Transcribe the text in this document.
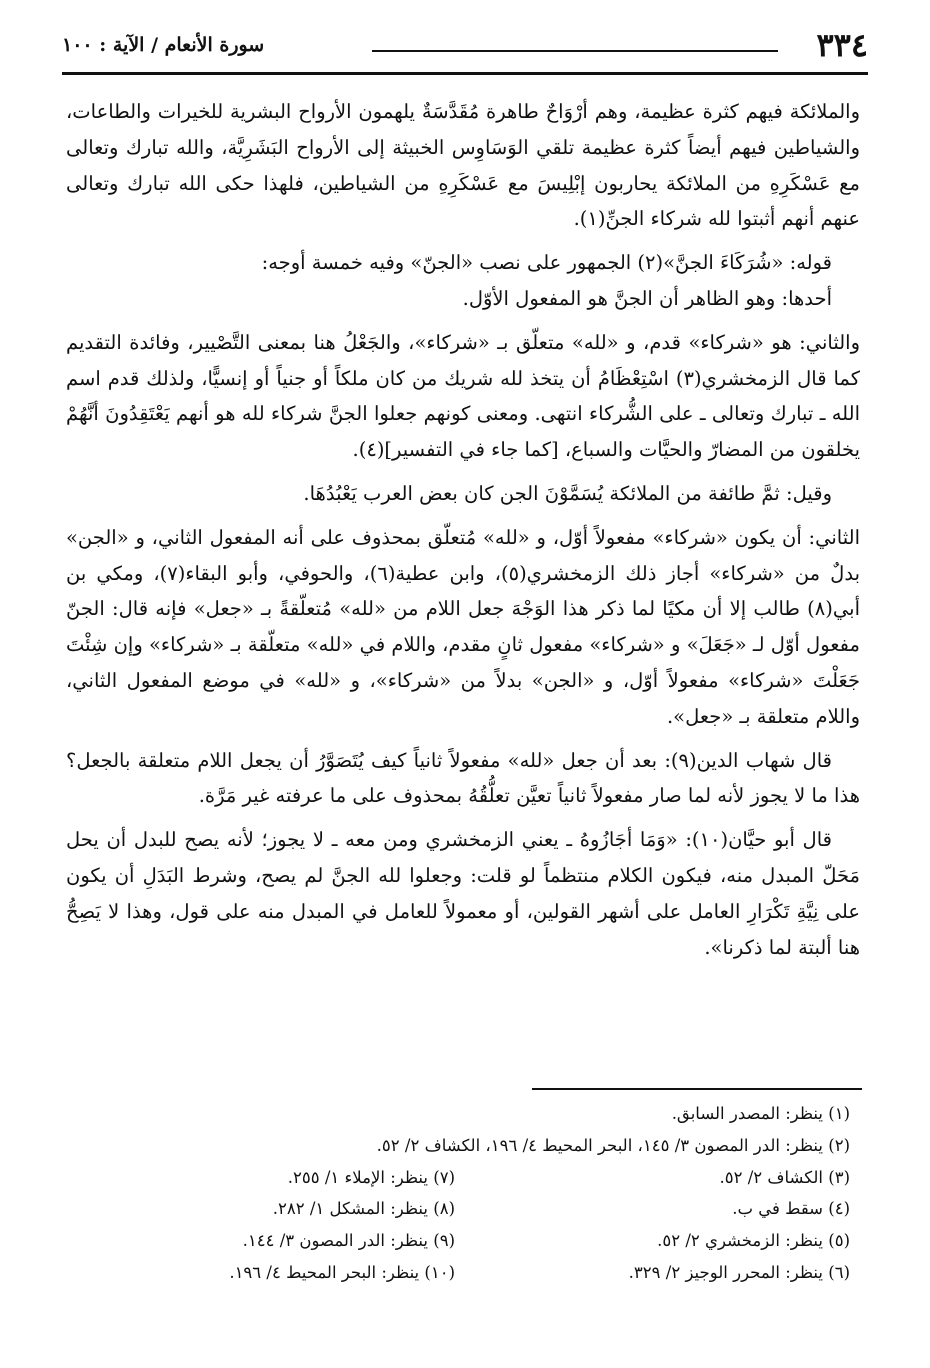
٣٣٤
سورة الأنعام / الآية : ١٠٠

والملائكة فيهم كثرة عظيمة، وهم أرْوَاحٌ طاهرة مُقَدَّسَةٌ يلهمون الأرواح البشرية للخيرات والطاعات، والشياطين فيهم أيضاً كثرة عظيمة تلقي الوَسَاوِس الخبيثة إلى الأرواح البَشَرِيَّة، والله تبارك وتعالى مع عَسْكَرِهِ من الملائكة يحاربون إبْلِيسَ مع عَسْكَرِهِ من الشياطين، فلهذا حكى الله تبارك وتعالى عنهم أنهم أثبتوا لله شركاء الجنِّ(١).

قوله: «شُرَكَاءَ الجنَّ»(٢) الجمهور على نصب «الجنّ» وفيه خمسة أوجه:

أحدها: وهو الظاهر أن الجنَّ هو المفعول الأوّل.

والثاني: هو «شركاء» قدم، و «لله» متعلّق بـ «شركاء»، والجَعْلُ هنا بمعنى التَّصْيير، وفائدة التقديم كما قال الزمخشري(٣) اسْتِعْظَامُ أن يتخذ لله شريك من كان ملكاً أو جنياً أو إنسيًّا، ولذلك قدم اسم الله ـ تبارك وتعالى ـ على الشُّركاء انتهى. ومعنى كونهم جعلوا الجنَّ شركاء لله هو أنهم يَعْتَقِدُونَ أنَّهُمْ يخلقون من المضارّ والحيَّات والسباع، [كما جاء في التفسير](٤).

وقيل: ثمَّ طائفة من الملائكة يُسَمَّوْنَ الجن كان بعض العرب يَعْبُدُهَا.

الثاني: أن يكون «شركاء» مفعولاً أوّل، و «لله» مُتعلّق بمحذوف على أنه المفعول الثاني، و «الجن» بدلٌ من «شركاء» أجاز ذلك الزمخشري(٥)، وابن عطية(٦)، والحوفي، وأبو البقاء(٧)، ومكي بن أبي(٨) طالب إلا أن مكيًا لما ذكر هذا الوَجْهَ جعل اللام من «لله» مُتعلّقةً بـ «جعل» فإنه قال: الجنّ مفعول أوّل لـ «جَعَلَ» و «شركاء» مفعول ثانٍ مقدم، واللام في «لله» متعلّقة بـ «شركاء» وإن شِئْتَ جَعَلْتَ «شركاء» مفعولاً أوّل، و «الجن» بدلاً من «شركاء»، و «لله» في موضع المفعول الثاني، واللام متعلقة بـ «جعل».

قال شهاب الدين(٩): بعد أن جعل «لله» مفعولاً ثانياً كيف يُتَصَوَّرُ أن يجعل اللام متعلقة بالجعل؟ هذا ما لا يجوز لأنه لما صار مفعولاً ثانياً تعيَّن تعلُّقُهُ بمحذوف على ما عرفته غير مَرَّة.

قال أبو حيَّان(١٠): «وَمَا أجَازُوهُ ـ يعني الزمخشري ومن معه ـ لا يجوز؛ لأنه يصح للبدل أن يحل مَحَلّ المبدل منه، فيكون الكلام منتظماً لو قلت: وجعلوا لله الجنَّ لم يصح، وشرط البَدَلِ أن يكون على نِيَّةِ تَكْرَارِ العامل على أشهر القولين، أو معمولاً للعامل في المبدل منه على قول، وهذا لا يَصِحُّ هنا ألبتة لما ذكرنا».

(١) ينظر: المصدر السابق.
(٢) ينظر: الدر المصون ٣/ ١٤٥، البحر المحيط ٤/ ١٩٦، الكشاف ٢/ ٥٢.
(٣) الكشاف ٢/ ٥٢.
(٧) ينظر: الإملاء ١/ ٢٥٥.
(٤) سقط في ب.
(٨) ينظر: المشكل ١/ ٢٨٢.
(٥) ينظر: الزمخشري ٢/ ٥٢.
(٩) ينظر: الدر المصون ٣/ ١٤٤.
(٦) ينظر: المحرر الوجيز ٢/ ٣٢٩.
(١٠) ينظر: البحر المحيط ٤/ ١٩٦.
